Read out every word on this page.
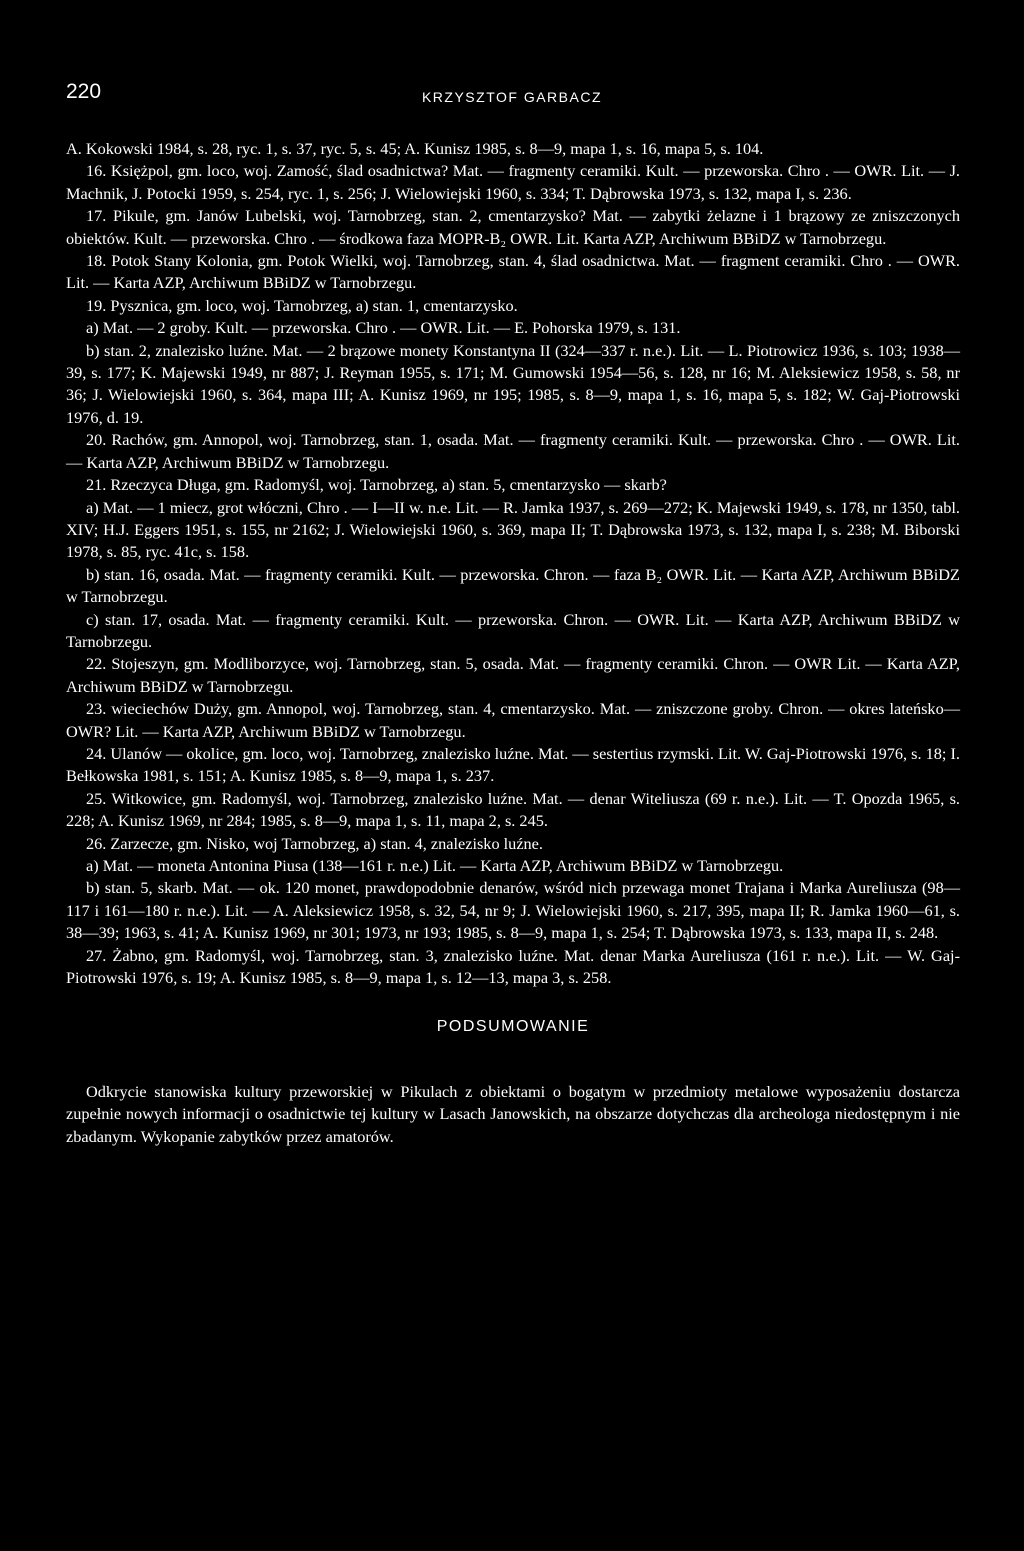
220	KRZYSZTOF GARBACZ

A. Kokowski 1984, s. 28, ryc. 1, s. 37, ryc. 5, s. 45; A. Kunisz 1985, s. 8—9, mapa 1, s. 16, mapa 5, s. 104.

16. Księżpol, gm. loco, woj. Zamość, ślad osadnictwa? Mat. — fragmenty ceramiki. Kult. — przeworska. Chro . — OWR. Lit. — J. Machnik, J. Potocki 1959, s. 254, ryc. 1, s. 256; J. Wielowiejski 1960, s. 334; T. Dąbrowska 1973, s. 132, mapa I, s. 236.

17. Pikule, gm. Janów Lubelski, woj. Tarnobrzeg, stan. 2, cmentarzysko? Mat. — zabytki żelazne i 1 brązowy ze zniszczonych obiektów. Kult. — przeworska. Chro . — środkowa faza MOPR-B₂ OWR. Lit. Karta AZP, Archiwum BBiDZ w Tarnobrzegu.

18. Potok Stany Kolonia, gm. Potok Wielki, woj. Tarnobrzeg, stan. 4, ślad osadnictwa. Mat. — fragment ceramiki. Chro . — OWR. Lit. — Karta AZP, Archiwum BBiDZ w Tarnobrzegu.

19. Pysznica, gm. loco, woj. Tarnobrzeg, a) stan. 1, cmentarzysko.

a) Mat. — 2 groby. Kult. — przeworska. Chro . — OWR. Lit. — E. Pohorska 1979, s. 131.

b) stan. 2, znalezisko luźne. Mat. — 2 brązowe monety Konstantyna II (324—337 r. n.e.). Lit. — L. Piotrowicz 1936, s. 103; 1938—39, s. 177; K. Majewski 1949, nr 887; J. Reyman 1955, s. 171; M. Gumowski 1954—56, s. 128, nr 16; M. Aleksiewicz 1958, s. 58, nr 36; J. Wielowiejski 1960, s. 364, mapa III; A. Kunisz 1969, nr 195; 1985, s. 8—9, mapa 1, s. 16, mapa 5, s. 182; W. Gaj-Piotrowski 1976, d. 19.

20. Rachów, gm. Annopol, woj. Tarnobrzeg, stan. 1, osada. Mat. — fragmenty ceramiki. Kult. — przeworska. Chro . — OWR. Lit. — Karta AZP, Archiwum BBiDZ w Tarnobrzegu.

21. Rzeczyca Długa, gm. Radomyśl, woj. Tarnobrzeg, a) stan. 5, cmentarzysko — skarb?

a) Mat. — 1 miecz, grot włóczni, Chro . — I—II w. n.e. Lit. — R. Jamka 1937, s. 269—272; K. Majewski 1949, s. 178, nr 1350, tabl. XIV; H.J. Eggers 1951, s. 155, nr 2162; J. Wielowiejski 1960, s. 369, mapa II; T. Dąbrowska 1973, s. 132, mapa I, s. 238; M. Biborski 1978, s. 85, ryc. 41c, s. 158.

b) stan. 16, osada. Mat. — fragmenty ceramiki. Kult. — przeworska. Chron. — faza B₂ OWR. Lit. — Karta AZP, Archiwum BBiDZ w Tarnobrzegu.

c) stan. 17, osada. Mat. — fragmenty ceramiki. Kult. — przeworska. Chron. — OWR. Lit. — Karta AZP, Archiwum BBiDZ w Tarnobrzegu.

22. Stojeszyn, gm. Modliborzyce, woj. Tarnobrzeg, stan. 5, osada. Mat. — fragmenty ceramiki. Chron. — OWR Lit. — Karta AZP, Archiwum BBiDZ w Tarnobrzegu.

23. wieciechów Duży, gm. Annopol, woj. Tarnobrzeg, stan. 4, cmentarzysko. Mat. — zniszczone groby. Chron. — okres lateńsko—OWR? Lit. — Karta AZP, Archiwum BBiDZ w Tarnobrzegu.

24. Ulanów — okolice, gm. loco, woj. Tarnobrzeg, znalezisko luźne. Mat. — sestertius rzymski. Lit. W. Gaj-Piotrowski 1976, s. 18; I. Bełkowska 1981, s. 151; A. Kunisz 1985, s. 8—9, mapa 1, s. 237.

25. Witkowice, gm. Radomyśl, woj. Tarnobrzeg, znalezisko luźne. Mat. — denar Witeliusza (69 r. n.e.). Lit. — T. Opozda 1965, s. 228; A. Kunisz 1969, nr 284; 1985, s. 8—9, mapa 1, s. 11, mapa 2, s. 245.

26. Zarzecze, gm. Nisko, woj Tarnobrzeg, a) stan. 4, znalezisko luźne.

a) Mat. — moneta Antonina Piusa (138—161 r. n.e.) Lit. — Karta AZP, Archiwum BBiDZ w Tarnobrzegu.

b) stan. 5, skarb. Mat. — ok. 120 monet, prawdopodobnie denarów, wśród nich przewaga monet Trajana i Marka Aureliusza (98—117 i 161—180 r. n.e.). Lit. — A. Aleksiewicz 1958, s. 32, 54, nr 9; J. Wielowiejski 1960, s. 217, 395, mapa II; R. Jamka 1960—61, s. 38—39; 1963, s. 41; A. Kunisz 1969, nr 301; 1973, nr 193; 1985, s. 8—9, mapa 1, s. 254; T. Dąbrowska 1973, s. 133, mapa II, s. 248.

27. Żabno, gm. Radomyśl, woj. Tarnobrzeg, stan. 3, znalezisko luźne. Mat. denar Marka Aureliusza (161 r. n.e.). Lit. — W. Gaj-Piotrowski 1976, s. 19; A. Kunisz 1985, s. 8—9, mapa 1, s. 12—13, mapa 3, s. 258.

PODSUMOWANIE

Odkrycie stanowiska kultury przeworskiej w Pikulach z obiektami o bogatym w przedmioty metalowe wyposażeniu dostarcza zupełnie nowych informacji o osadnictwie tej kultury w Lasach Janowskich, na obszarze dotychczas dla archeologa niedostępnym i nie zbadanym. Wykopanie zabytków przez amatorów.
